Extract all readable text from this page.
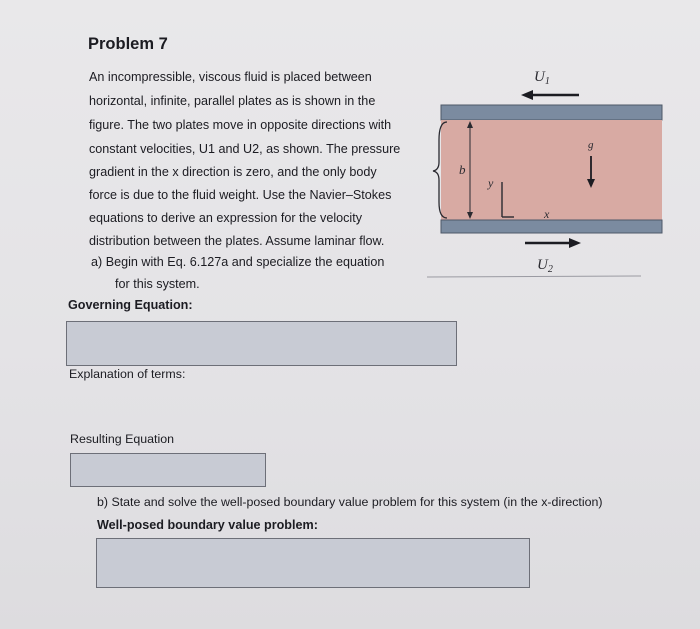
Problem 7
An incompressible, viscous fluid is placed between
horizontal, infinite, parallel plates as is shown in the
figure. The two plates move in opposite directions with
constant velocities, U1 and U2, as shown. The pressure
gradient in the x direction is zero, and the only body
force is due to the fluid weight. Use the Navier–Stokes
equations to derive an expression for the velocity
distribution between the plates. Assume laminar flow.
a) Begin with Eq. 6.127a and specialize the equation
for this system.
Governing Equation:
Explanation of terms:
Resulting Equation
b) State and solve the well-posed boundary value problem for this system (in the x-direction)
Well-posed boundary value problem:
$U_1$
b
y
x
g
$U_2$
